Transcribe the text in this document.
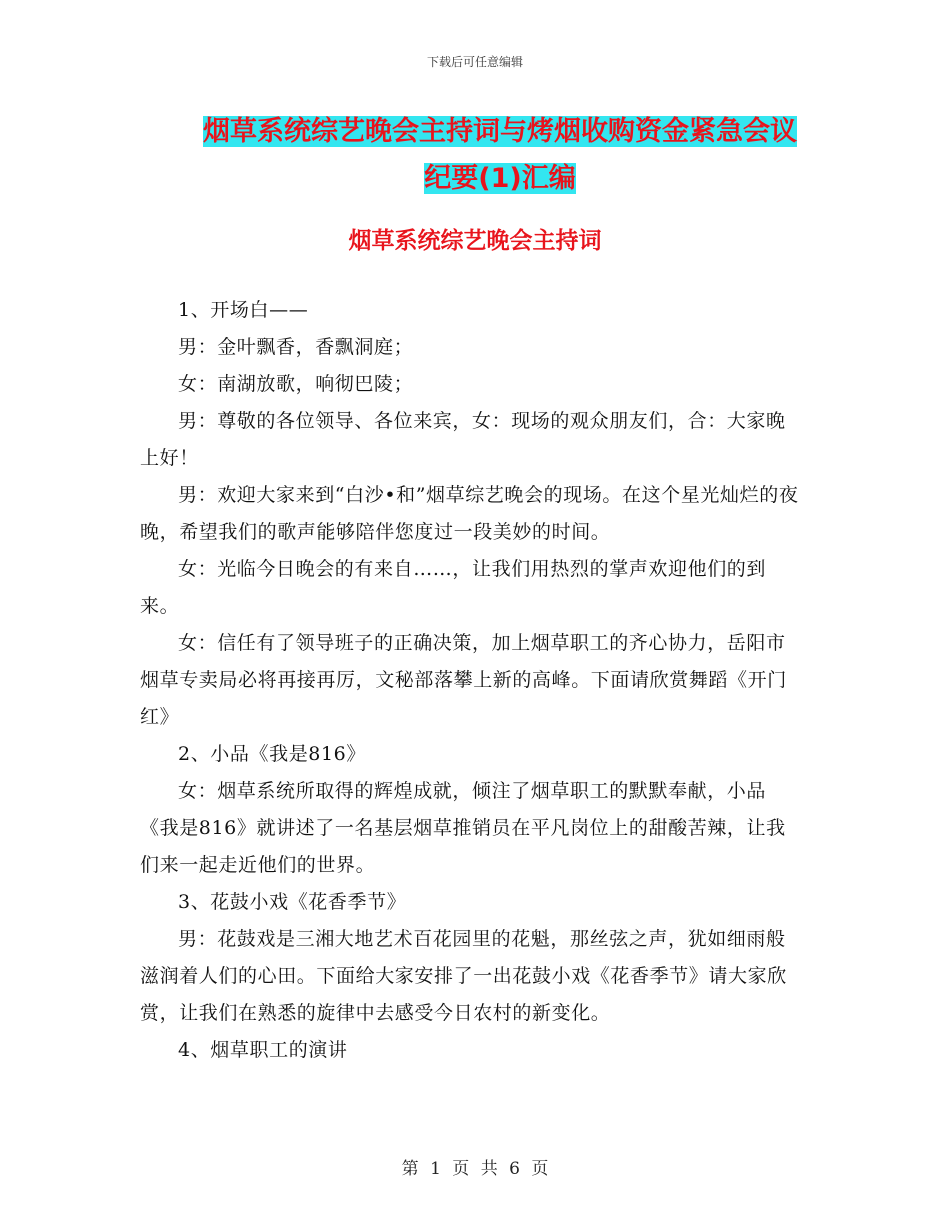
下载后可任意编辑
烟草系统综艺晚会主持词与烤烟收购资金紧急会议纪要(1)汇编
烟草系统综艺晚会主持词

1、开场白——

男：金叶飘香，香飘洞庭；

女：南湖放歌，响彻巴陵；

男：尊敬的各位领导、各位来宾，女：现场的观众朋友们，合：大家晚上好！

男：欢迎大家来到“白沙•和”烟草综艺晚会的现场。在这个星光灿烂的夜晚，希望我们的歌声能够陪伴您度过一段美妙的时间。

女：光临今日晚会的有来自……，让我们用热烈的掌声欢迎他们的到来。

女：信任有了领导班子的正确决策，加上烟草职工的齐心协力，岳阳市烟草专卖局必将再接再厉，文秘部落攀上新的高峰。下面请欣赏舞蹈《开门红》

2、小品《我是816》

女：烟草系统所取得的辉煌成就，倾注了烟草职工的默默奉献，小品《我是816》就讲述了一名基层烟草推销员在平凡岗位上的甜酸苦辣，让我们来一起走近他们的世界。

3、花鼓小戏《花香季节》

男：花鼓戏是三湘大地艺术百花园里的花魁，那丝弦之声，犹如细雨般滋润着人们的心田。下面给大家安排了一出花鼓小戏《花香季节》请大家欣赏，让我们在熟悉的旋律中去感受今日农村的新变化。

4、烟草职工的演讲

第 1 页 共 6 页
